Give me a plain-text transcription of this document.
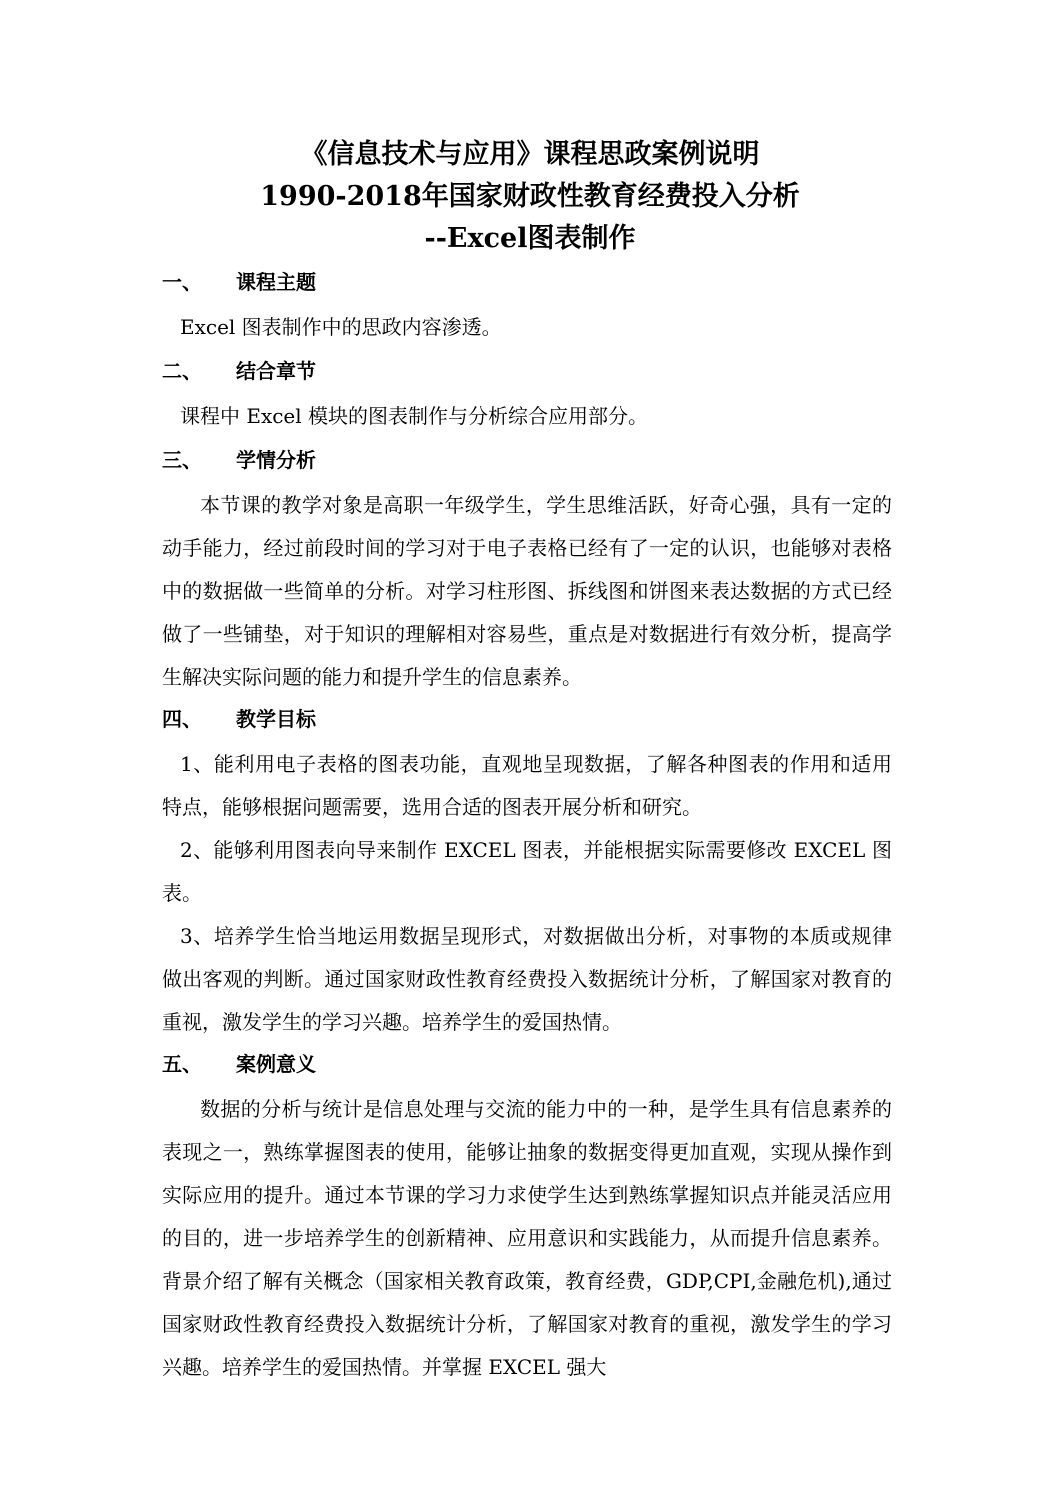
《信息技术与应用》课程思政案例说明
1990-2018年国家财政性教育经费投入分析
--Excel图表制作
一、 课程主题

Excel 图表制作中的思政内容渗透。

二、 结合章节

课程中 Excel 模块的图表制作与分析综合应用部分。

三、 学情分析

本节课的教学对象是高职一年级学生，学生思维活跃，好奇心强，具有一定的动手能力，经过前段时间的学习对于电子表格已经有了一定的认识，也能够对表格中的数据做一些简单的分析。对学习柱形图、拆线图和饼图来表达数据的方式已经做了一些铺垫，对于知识的理解相对容易些，重点是对数据进行有效分析，提高学生解决实际问题的能力和提升学生的信息素养。

四、 教学目标

1、能利用电子表格的图表功能，直观地呈现数据，了解各种图表的作用和适用特点，能够根据问题需要，选用合适的图表开展分析和研究。

2、能够利用图表向导来制作 EXCEL 图表，并能根据实际需要修改 EXCEL 图表。

3、培养学生恰当地运用数据呈现形式，对数据做出分析，对事物的本质或规律做出客观的判断。通过国家财政性教育经费投入数据统计分析，了解国家对教育的重视，激发学生的学习兴趣。培养学生的爱国热情。

五、 案例意义

数据的分析与统计是信息处理与交流的能力中的一种，是学生具有信息素养的表现之一，熟练掌握图表的使用，能够让抽象的数据变得更加直观，实现从操作到实际应用的提升。通过本节课的学习力求使学生达到熟练掌握知识点并能灵活应用的目的，进一步培养学生的创新精神、应用意识和实践能力，从而提升信息素养。背景介绍了解有关概念（国家相关教育政策，教育经费，GDP,CPI,金融危机),通过国家财政性教育经费投入数据统计分析，了解国家对教育的重视，激发学生的学习兴趣。培养学生的爱国热情。并掌握 EXCEL 强大
